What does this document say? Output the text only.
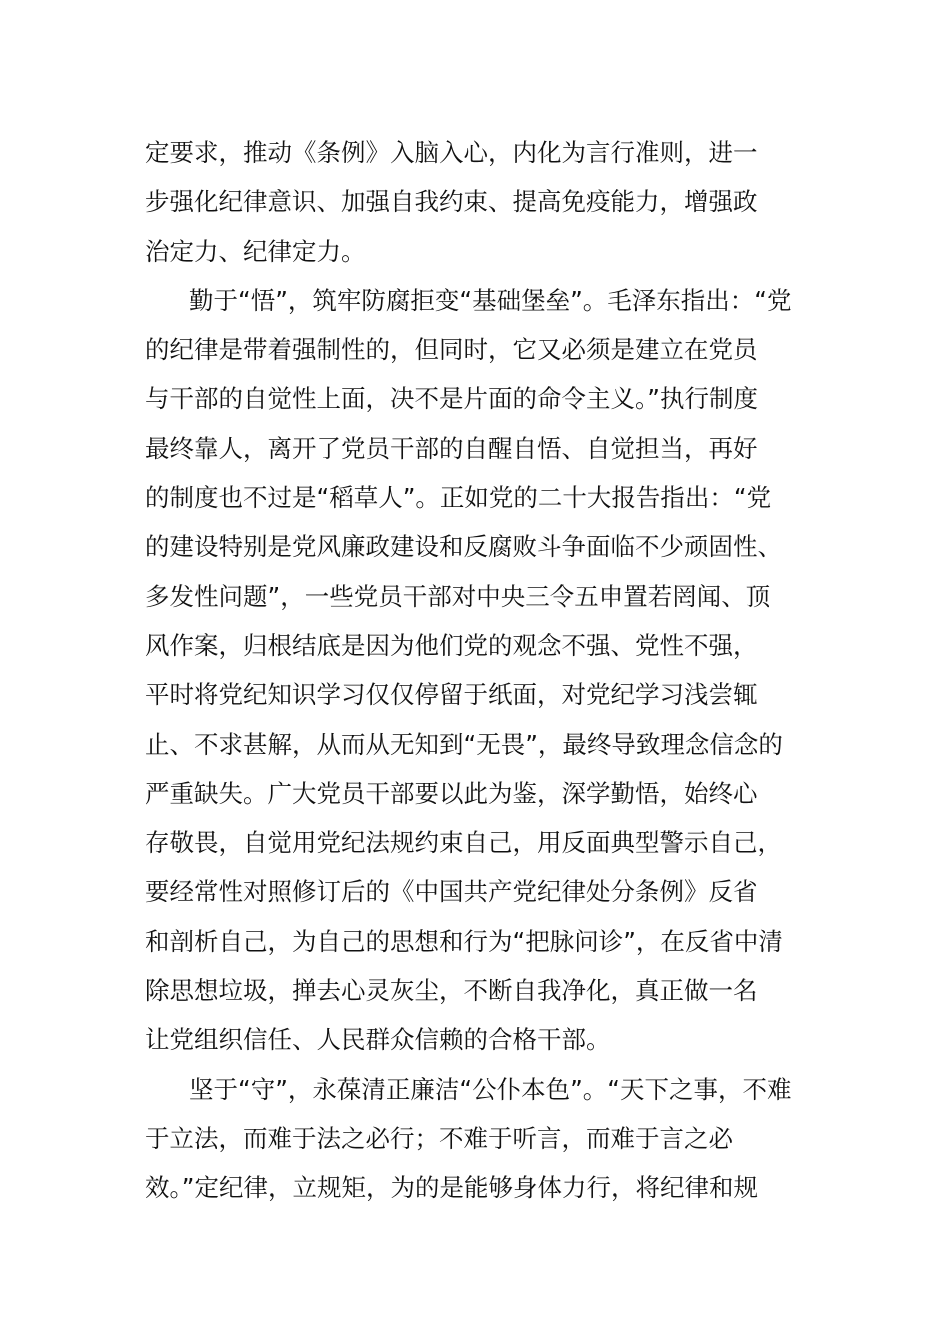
定要求，推动《条例》入脑入心，内化为言行准则，进一
步强化纪律意识、加强自我约束、提高免疫能力，增强政
治定力、纪律定力。
勤于“悟”，筑牢防腐拒变“基础堡垒”。毛泽东指出：“党
的纪律是带着强制性的，但同时，它又必须是建立在党员
与干部的自觉性上面，决不是片面的命令主义。”执行制度
最终靠人，离开了党员干部的自醒自悟、自觉担当，再好
的制度也不过是“稻草人”。正如党的二十大报告指出：“党
的建设特别是党风廉政建设和反腐败斗争面临不少顽固性、
多发性问题”，一些党员干部对中央三令五申置若罔闻、顶
风作案，归根结底是因为他们党的观念不强、党性不强，
平时将党纪知识学习仅仅停留于纸面，对党纪学习浅尝辄
止、不求甚解，从而从无知到“无畏”，最终导致理念信念的
严重缺失。广大党员干部要以此为鉴，深学勤悟，始终心
存敬畏，自觉用党纪法规约束自己，用反面典型警示自己，
要经常性对照修订后的《中国共产党纪律处分条例》反省
和剖析自己，为自己的思想和行为“把脉问诊”，在反省中清
除思想垃圾，掸去心灵灰尘，不断自我净化，真正做一名
让党组织信任、人民群众信赖的合格干部。
坚于“守”，永葆清正廉洁“公仆本色”。“天下之事，不难
于立法，而难于法之必行；不难于听言，而难于言之必
效。”定纪律，立规矩，为的是能够身体力行，将纪律和规
